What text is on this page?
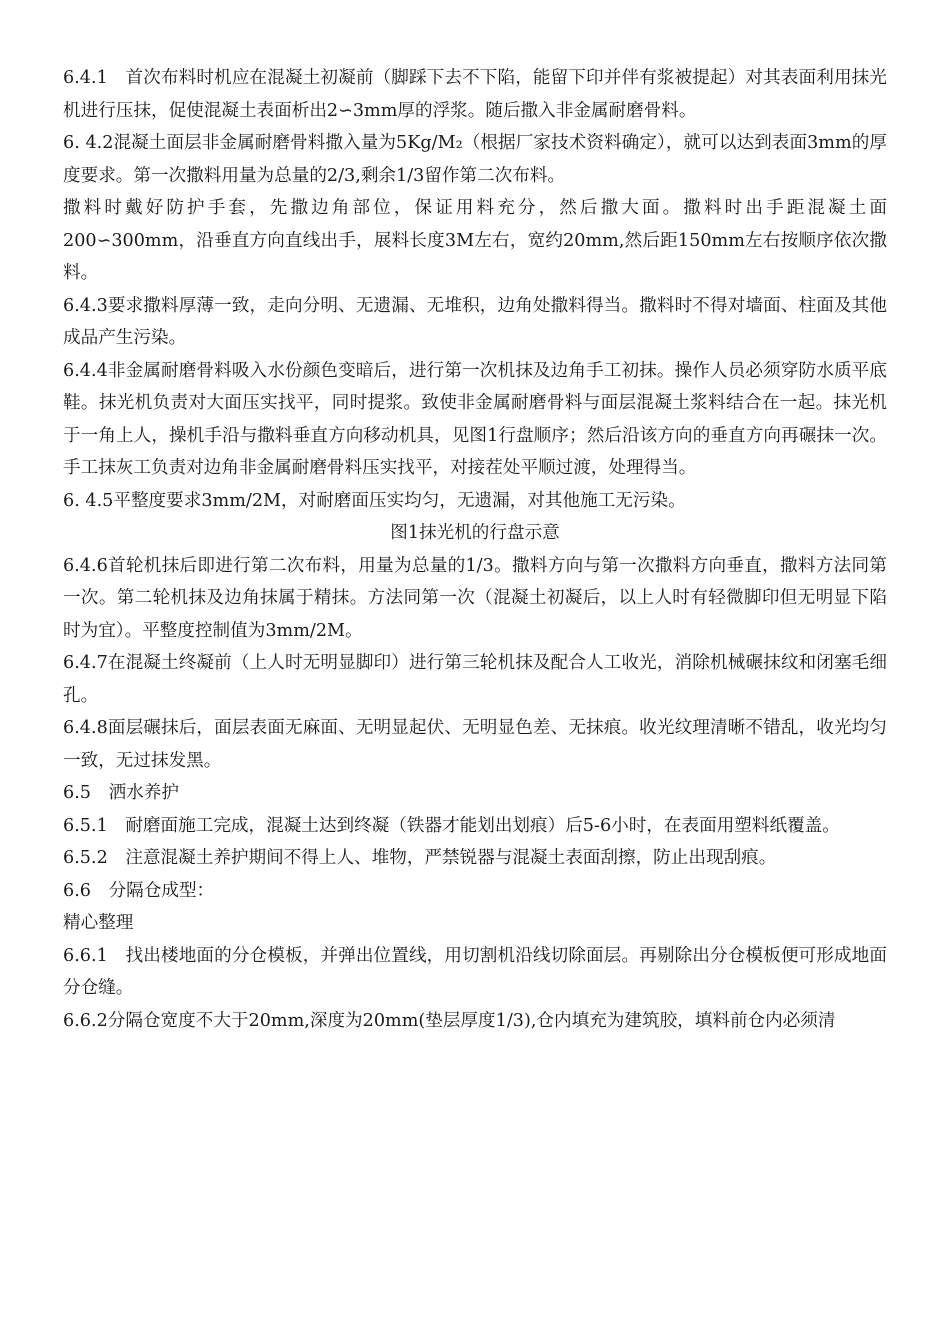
6.4.1　首次布料时机应在混凝土初凝前（脚踩下去不下陷，能留下印并伴有浆被提起）对其表面利用抹光机进行压抹，促使混凝土表面析出2∽3mm厚的浮浆。随后撒入非金属耐磨骨料。

6. 4.2混凝土面层非金属耐磨骨料撒入量为5Kg/M₂（根据厂家技术资料确定），就可以达到表面3mm的厚度要求。第一次撒料用量为总量的2/3,剩余1/3留作第二次布料。

撒料时戴好防护手套，先撒边角部位，保证用料充分，然后撒大面。撒料时出手距混凝土面200∽300mm，沿垂直方向直线出手，展料长度3M左右，宽约20mm,然后距150mm左右按顺序依次撒料。

6.4.3要求撒料厚薄一致，走向分明、无遗漏、无堆积，边角处撒料得当。撒料时不得对墙面、柱面及其他成品产生污染。

6.4.4非金属耐磨骨料吸入水份颜色变暗后，进行第一次机抹及边角手工初抹。操作人员必须穿防水质平底鞋。抹光机负责对大面压实找平，同时提浆。致使非金属耐磨骨料与面层混凝土浆料结合在一起。抹光机于一角上人，操机手沿与撒料垂直方向移动机具，见图1行盘顺序；然后沿该方向的垂直方向再碾抹一次。手工抹灰工负责对边角非金属耐磨骨料压实找平，对接茬处平顺过渡，处理得当。

6. 4.5平整度要求3mm/2M，对耐磨面压实均匀，无遗漏，对其他施工无污染。

图1抹光机的行盘示意

6.4.6首轮机抹后即进行第二次布料，用量为总量的1/3。撒料方向与第一次撒料方向垂直，撒料方法同第一次。第二轮机抹及边角抹属于精抹。方法同第一次（混凝土初凝后，以上人时有轻微脚印但无明显下陷时为宜）。平整度控制值为3mm/2M。

6.4.7在混凝土终凝前（上人时无明显脚印）进行第三轮机抹及配合人工收光，消除机械碾抹纹和闭塞毛细孔。

6.4.8面层碾抹后，面层表面无麻面、无明显起伏、无明显色差、无抹痕。收光纹理清晰不错乱，收光均匀一致，无过抹发黑。

6.5　洒水养护

6.5.1　耐磨面施工完成，混凝土达到终凝（铁器才能划出划痕）后5-6小时，在表面用塑料纸覆盖。

6.5.2　注意混凝土养护期间不得上人、堆物，严禁锐器与混凝土表面刮擦，防止出现刮痕。

6.6　分隔仓成型：

精心整理

6.6.1　找出楼地面的分仓模板，并弹出位置线，用切割机沿线切除面层。再剔除出分仓模板便可形成地面分仓缝。

6.6.2分隔仓宽度不大于20mm,深度为20mm(垫层厚度1/3),仓内填充为建筑胶，填料前仓内必须清
